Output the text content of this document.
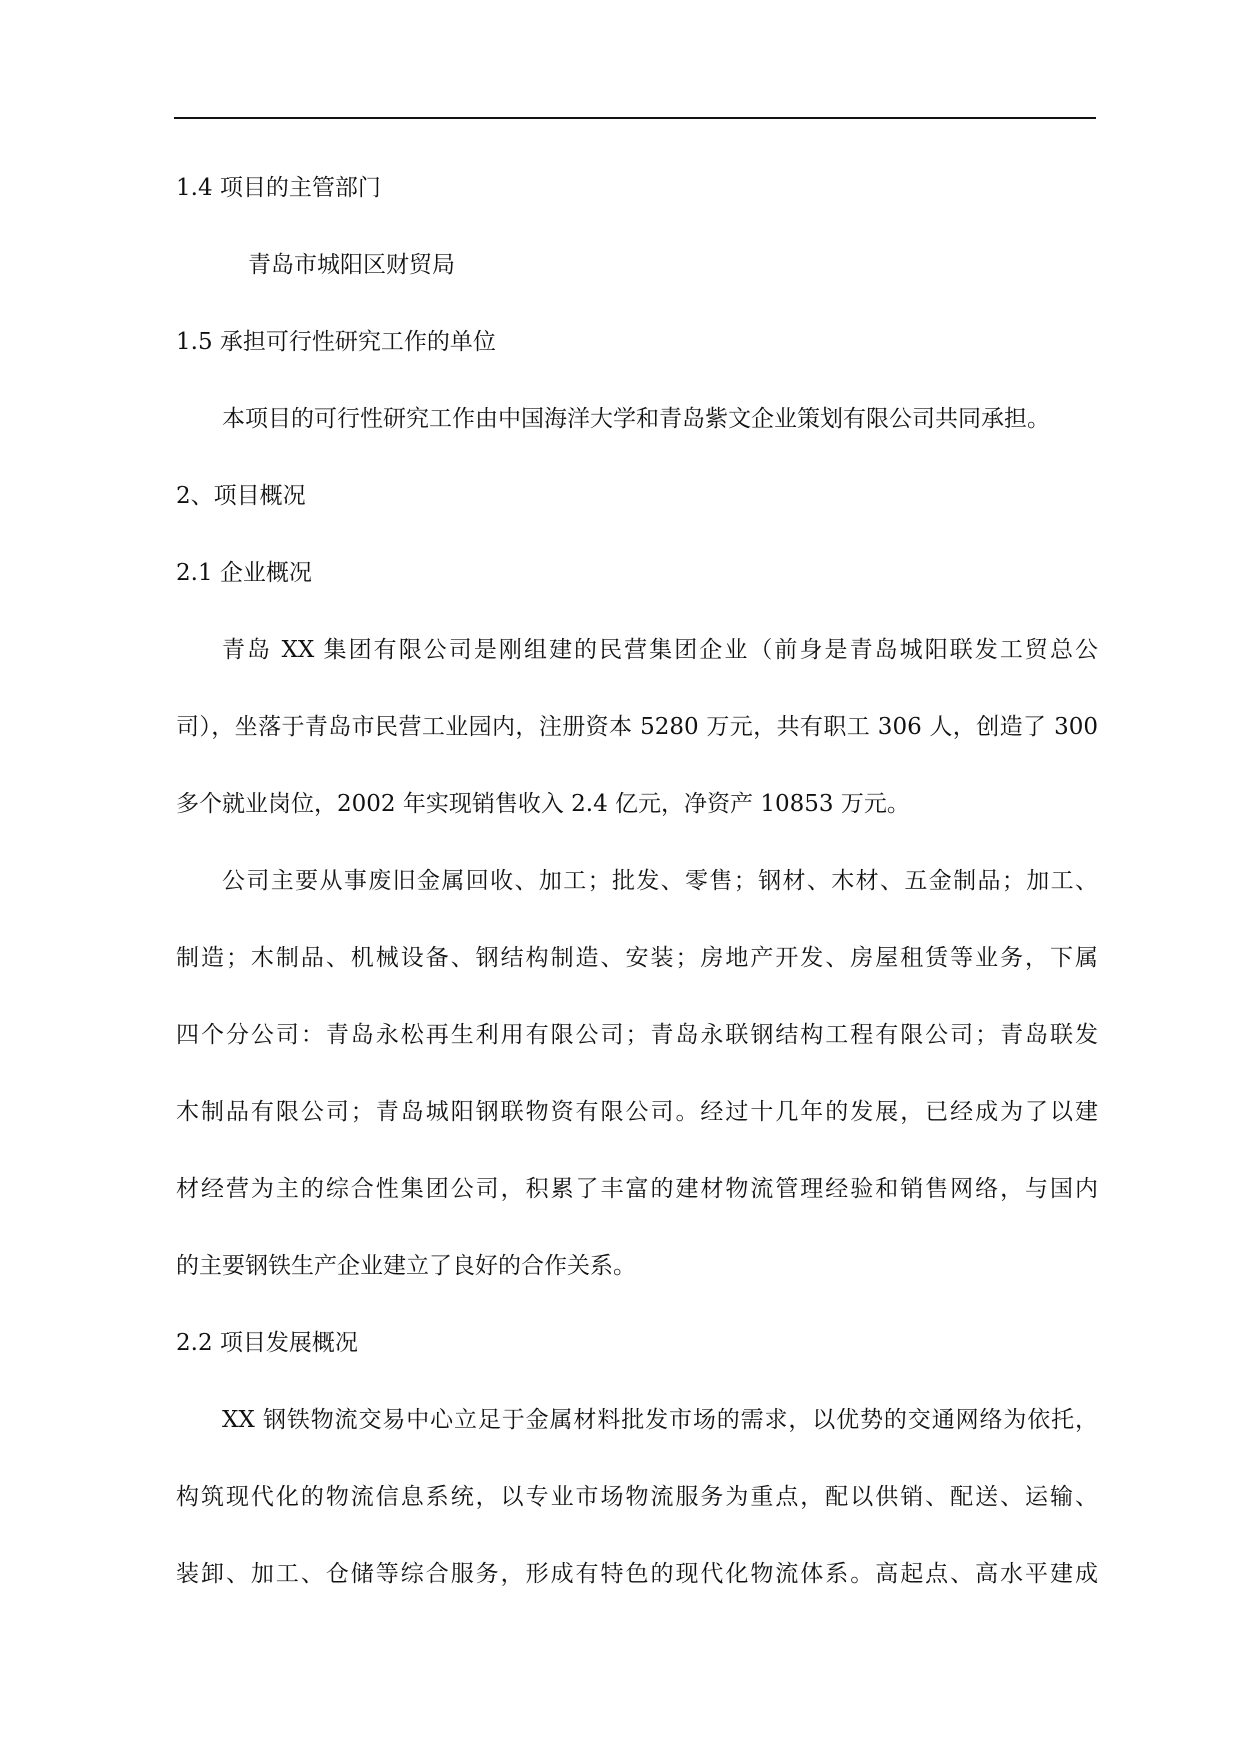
1.4 项目的主管部门

青岛市城阳区财贸局

1.5 承担可行性研究工作的单位

本项目的可行性研究工作由中国海洋大学和青岛紫文企业策划有限公司共同承担。

2、项目概况

2.1 企业概况

青岛 XX 集团有限公司是刚组建的民营集团企业（前身是青岛城阳联发工贸总公

司），坐落于青岛市民营工业园内，注册资本 5280 万元，共有职工 306 人，创造了 300

多个就业岗位，2002 年实现销售收入 2.4 亿元，净资产 10853 万元。

公司主要从事废旧金属回收、加工；批发、零售；钢材、木材、五金制品；加工、

制造；木制品、机械设备、钢结构制造、安装；房地产开发、房屋租赁等业务，下属

四个分公司：青岛永松再生利用有限公司；青岛永联钢结构工程有限公司；青岛联发

木制品有限公司；青岛城阳钢联物资有限公司。经过十几年的发展，已经成为了以建

材经营为主的综合性集团公司，积累了丰富的建材物流管理经验和销售网络，与国内

的主要钢铁生产企业建立了良好的合作关系。

2.2 项目发展概况

XX 钢铁物流交易中心立足于金属材料批发市场的需求，以优势的交通网络为依托，

构筑现代化的物流信息系统，以专业市场物流服务为重点，配以供销、配送、运输、

装卸、加工、仓储等综合服务，形成有特色的现代化物流体系。高起点、高水平建成
